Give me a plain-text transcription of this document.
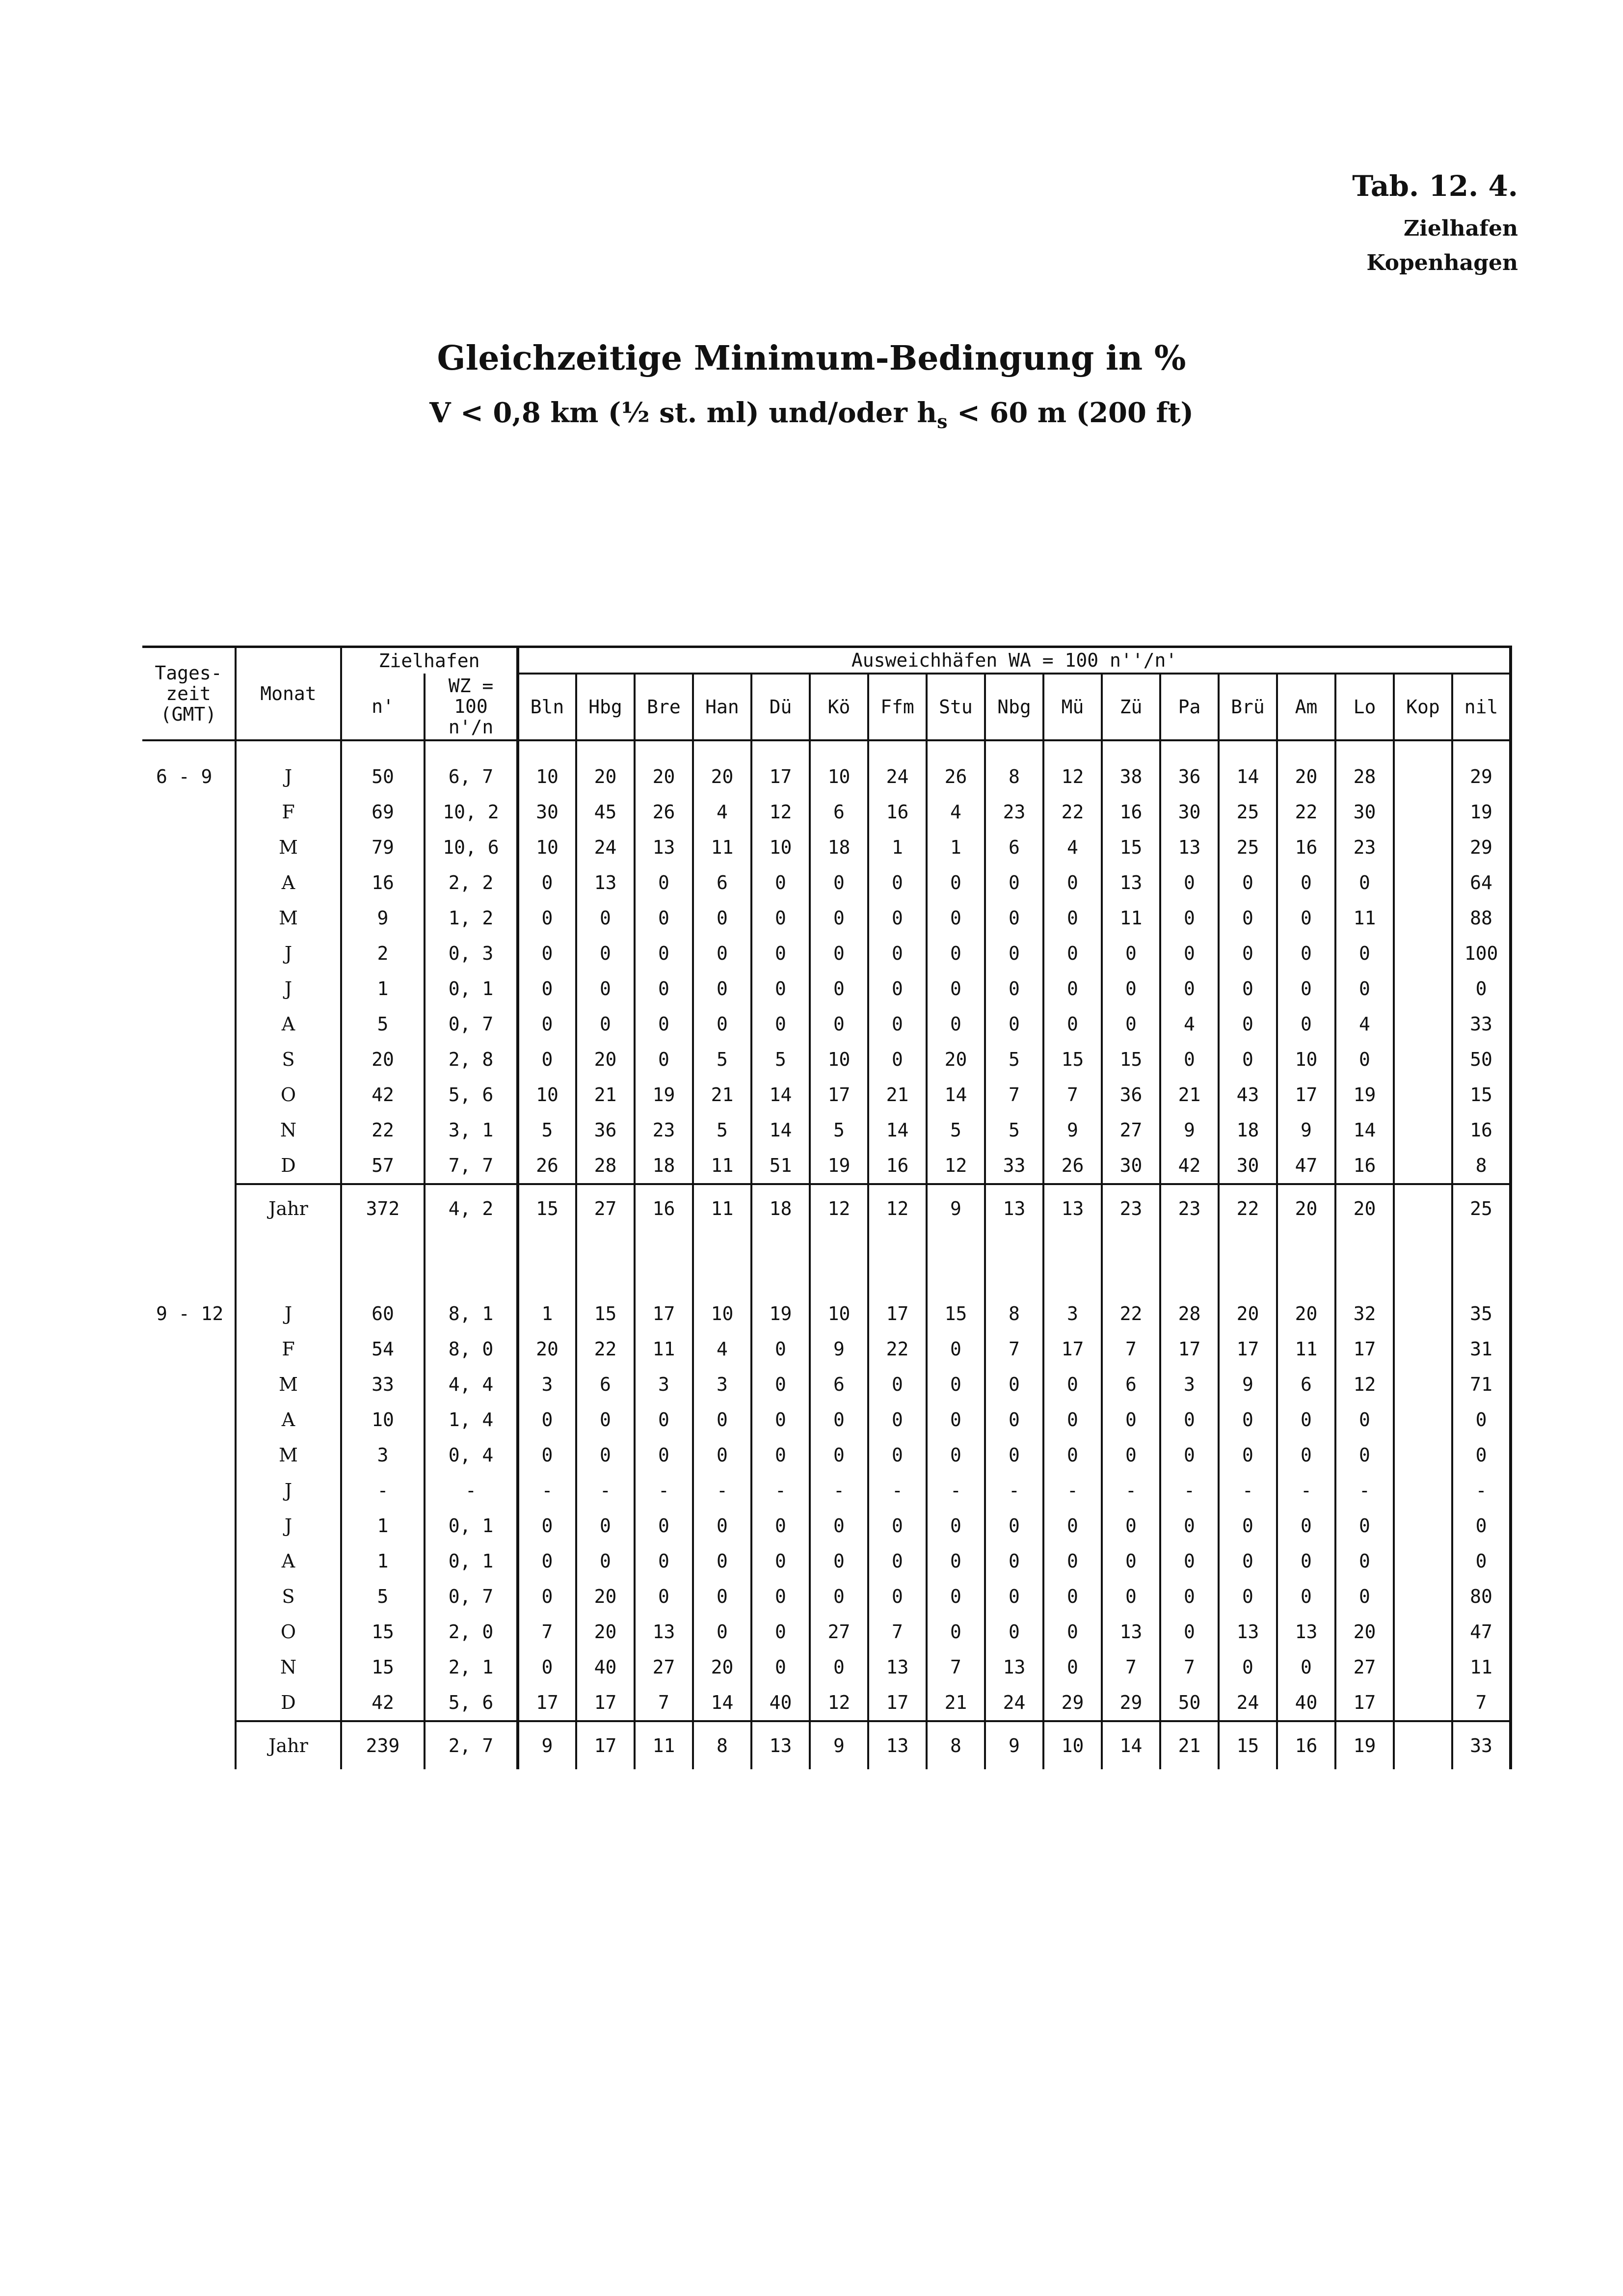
Tab. 12. 4.
Zielhafen
Kopenhagen
Gleichzeitige Minimum-Bedingung in %
V < 0,8 km (½ st. ml) und/oder $h_s < 60$ m (200 ft)
Tages-zeit (GMT)	Monat	Zielhafen		Ausweichhäfen WA = 100 n''/n'																
		n'	WZ = 100 n'/n	Bln	Hbg	Bre	Han	Dü	Kö	Ffm	Stu	Nbg	Mü	Zü	Pa	Brü	Am	Lo	Kop	nil

6 - 9	J	50	6, 7	10	20	20	20	17	10	24	26	8	12	38	36	14	20	28		29
	F	69	10, 2	30	45	26	4	12	6	16	4	23	22	16	30	25	22	30		19
	M	79	10, 6	10	24	13	11	10	18	1	1	6	4	15	13	25	16	23		29
	A	16	2, 2	0	13	0	6	0	0	0	0	0	0	13	0	0	0	0		64
	M	9	1, 2	0	0	0	0	0	0	0	0	0	0	11	0	0	0	11		88
	J	2	0, 3	0	0	0	0	0	0	0	0	0	0	0	0	0	0	0		100
	J	1	0, 1	0	0	0	0	0	0	0	0	0	0	0	0	0	0	0		0
	A	5	0, 7	0	0	0	0	0	0	0	0	0	0	0	4	0	0	4		33
	S	20	2, 8	0	20	0	5	5	10	0	20	5	15	15	0	0	10	0		50
	O	42	5, 6	10	21	19	21	14	17	21	14	7	7	36	21	43	17	19		15
	N	22	3, 1	5	36	23	5	14	5	14	5	5	9	27	9	18	9	14		16
	D	57	7, 7	26	28	18	11	51	19	16	12	33	26	30	42	30	47	16		8
	Jahr	372	4, 2	15	27	16	11	18	12	12	9	13	13	23	23	22	20	20		25

9 - 12	J	60	8, 1	1	15	17	10	19	10	17	15	8	3	22	28	20	20	32		35
	F	54	8, 0	20	22	11	4	0	9	22	0	7	17	7	17	17	11	17		31
	M	33	4, 4	3	6	3	3	0	6	0	0	0	0	6	3	9	6	12		71
	A	10	1, 4	0	0	0	0	0	0	0	0	0	0	0	0	0	0	0		0
	M	3	0, 4	0	0	0	0	0	0	0	0	0	0	0	0	0	0	0		0
	J	-	-	-	-	-	-	-	-	-	-	-	-	-	-	-	-	-		-
	J	1	0, 1	0	0	0	0	0	0	0	0	0	0	0	0	0	0	0		0
	A	1	0, 1	0	0	0	0	0	0	0	0	0	0	0	0	0	0	0		0
	S	5	0, 7	0	20	0	0	0	0	0	0	0	0	0	0	0	0	0		80
	O	15	2, 0	7	20	13	0	0	27	7	0	0	0	13	0	13	13	20		47
	N	15	2, 1	0	40	27	20	0	0	13	7	13	0	7	7	0	0	27		11
	D	42	5, 6	17	17	7	14	40	12	17	21	24	29	29	50	24	40	17		7
	Jahr	239	2, 7	9	17	11	8	13	9	13	8	9	10	14	21	15	16	19		33
